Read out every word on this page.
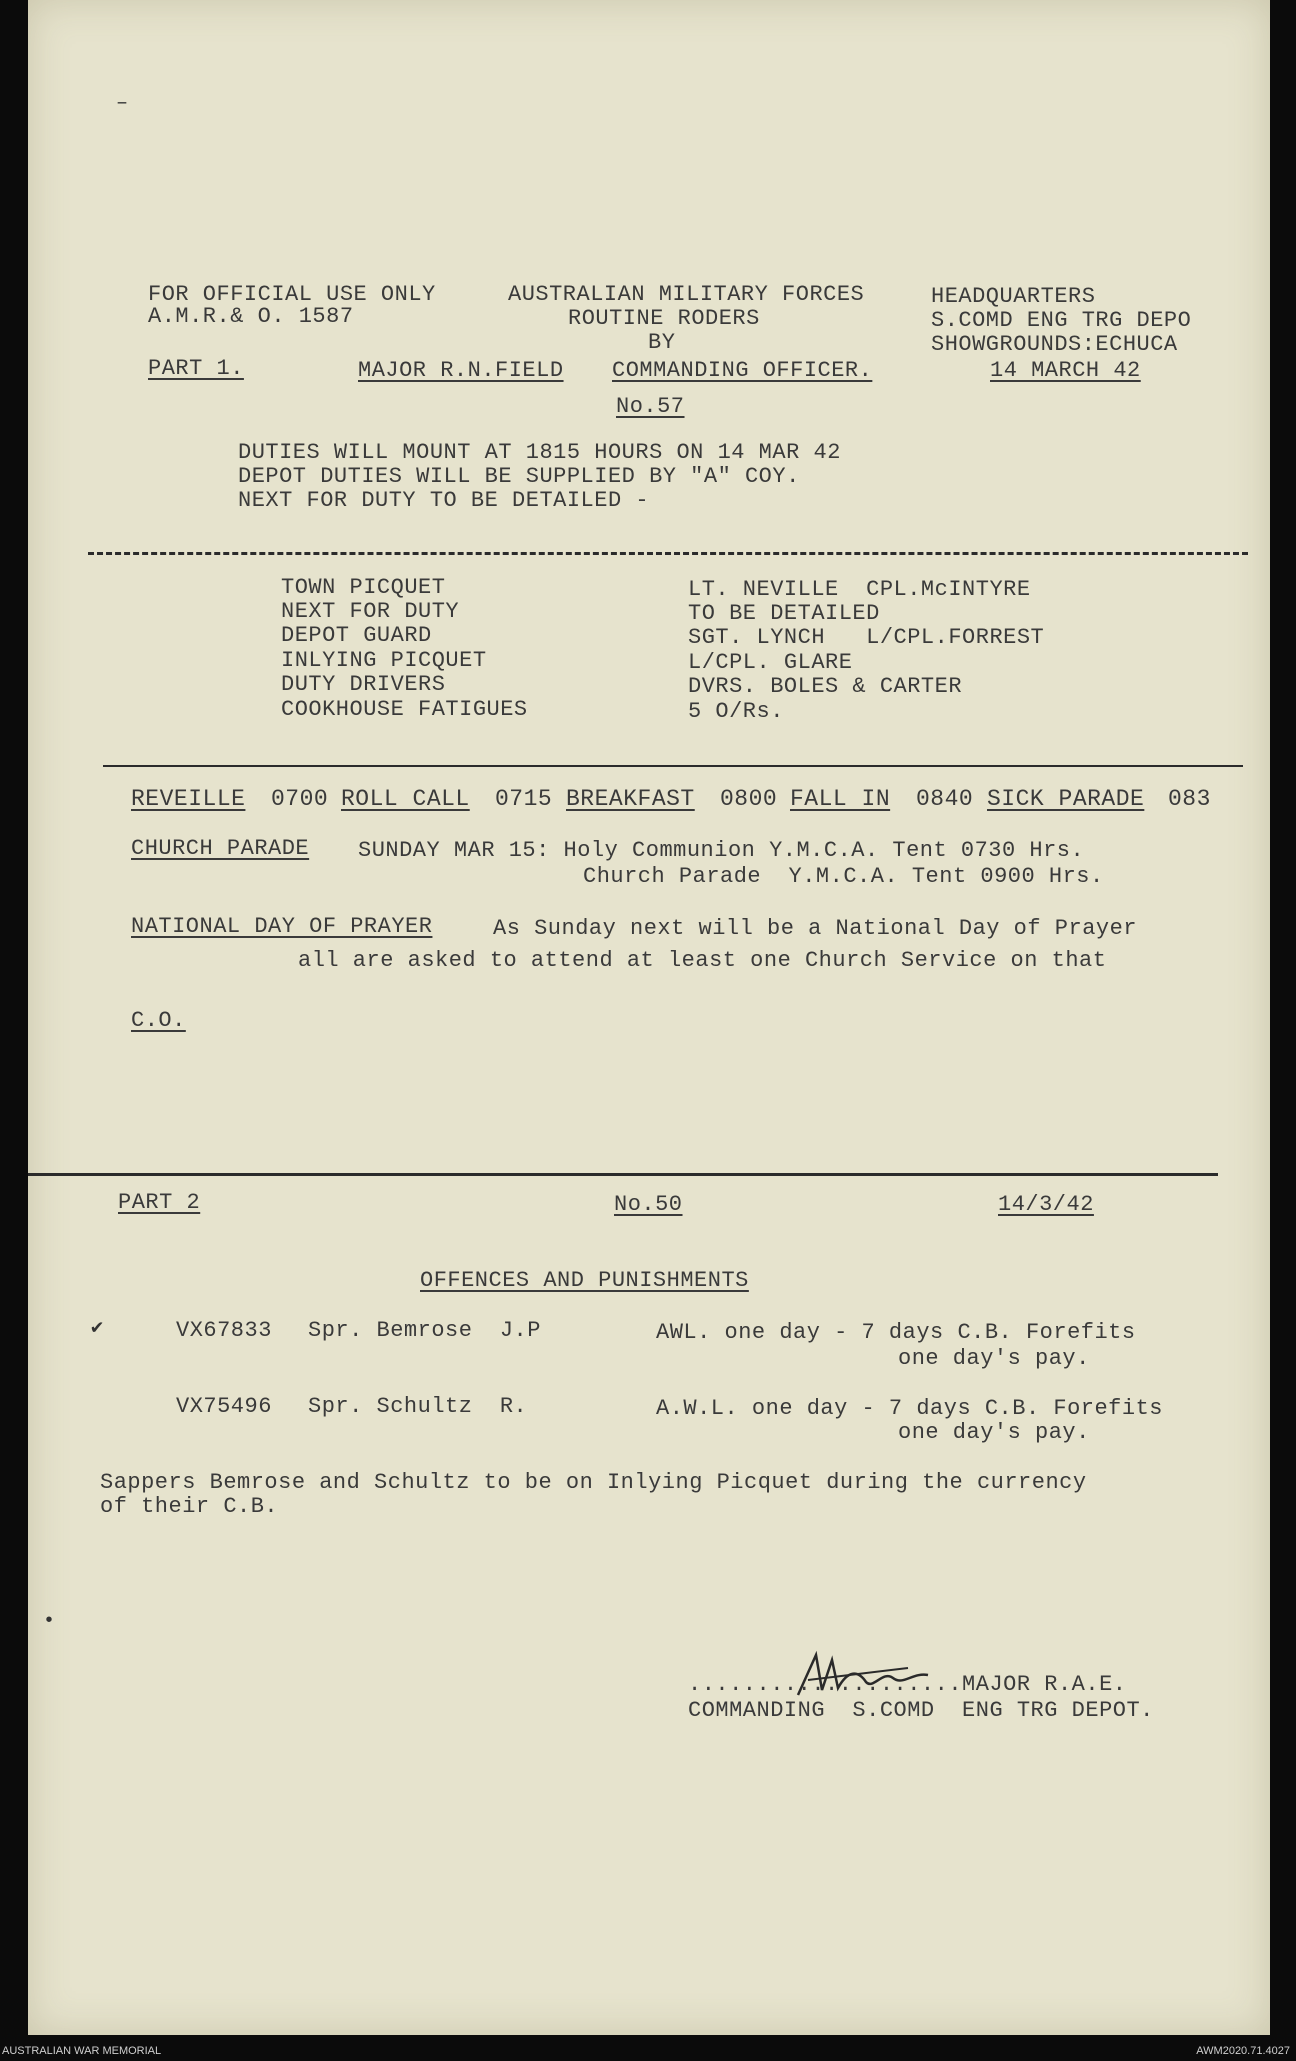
FOR OFFICIAL USE ONLY
A.M.R.& O. 1587
AUSTRALIAN MILITARY FORCES
ROUTINE RODERS
BY
HEADQUARTERS
S.COMD ENG TRG DEPO
SHOWGROUNDS:ECHUCA
PART 1.	MAJOR R.N.FIELD COMMANDING OFFICER.	14 MARCH 42
No.57
DUTIES WILL MOUNT AT 1815 HOURS ON 14 MAR 42
DEPOT DUTIES WILL BE SUPPLIED BY "A" COY.
NEXT FOR DUTY TO BE DETAILED -
TOWN PICQUET	LT. NEVILLE  CPL.McINTYRE
NEXT FOR DUTY	TO BE DETAILED
DEPOT GUARD	SGT. LYNCH   L/CPL.FORREST
INLYING PICQUET	L/CPL. GLARE
DUTY DRIVERS	DVRS. BOLES & CARTER
COOKHOUSE FATIGUES	5 O/Rs.
REVEILLE 0700 ROLL CALL 0715 BREAKFAST 0800 FALL IN 0840 SICK PARADE 083
CHURCH PARADE SUNDAY MAR 15: Holy Communion Y.M.C.A. Tent 0730 Hrs.
Church Parade  Y.M.C.A. Tent 0900 Hrs.
NATIONAL DAY OF PRAYER	As Sunday next will be a National Day of Prayer
all are asked to attend at least one Church Service on that
C.O.
PART 2	No.50	14/3/42
OFFENCES AND PUNISHMENTS
VX67833 Spr. Bemrose  J.P	AWL. one day - 7 days C.B. Forefits
one day's pay.
VX75496 Spr. Schultz  R.	A.W.L. one day - 7 days C.B. Forefits
one day's pay.
Sappers Bemrose and Schultz to be on Inlying Picquet during the currency
of their C.B.
....................MAJOR R.A.E.
COMMANDING  S.COMD  ENG TRG DEPOT.
–
✔
•
AUSTRALIAN WAR MEMORIAL	AWM2020.71.4027
